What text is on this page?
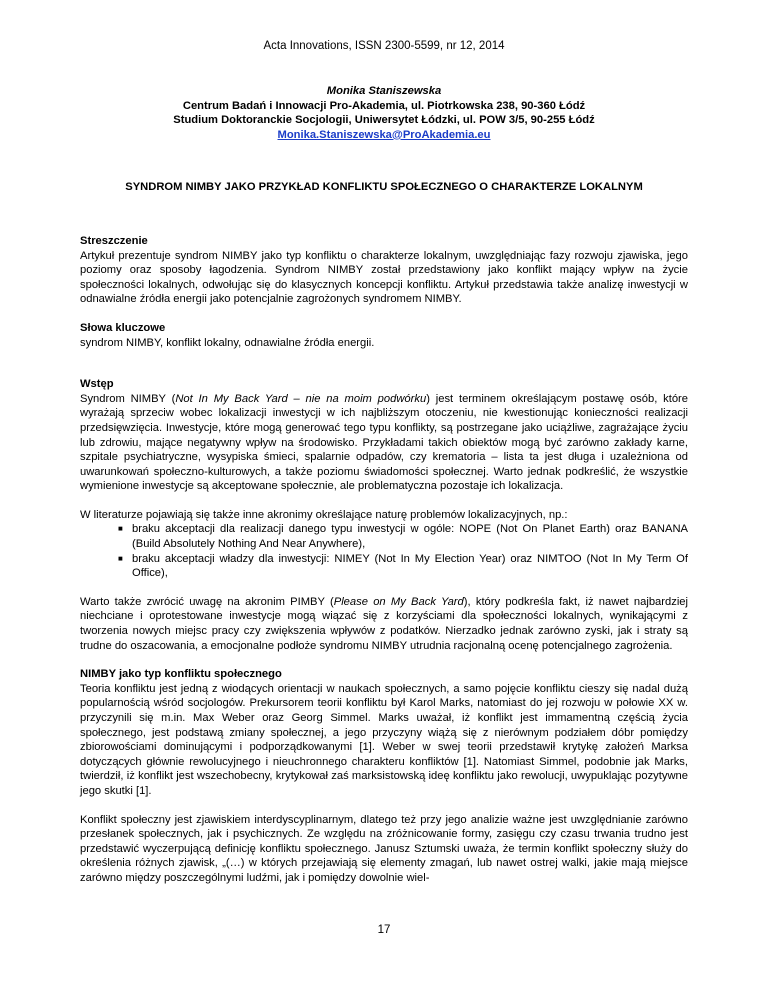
Acta Innovations, ISSN 2300-5599, nr 12, 2014
Monika Staniszewska
Centrum Badań i Innowacji Pro-Akademia, ul. Piotrkowska 238, 90-360 Łódź
Studium Doktoranckie Socjologii, Uniwersytet Łódzki, ul. POW 3/5, 90-255 Łódź
Monika.Staniszewska@ProAkademia.eu
SYNDROM NIMBY JAKO PRZYKŁAD KONFLIKTU SPOŁECZNEGO O CHARAKTERZE LOKALNYM
Streszczenie

Artykuł prezentuje syndrom NIMBY jako typ konfliktu o charakterze lokalnym, uwzględniając fazy rozwoju zjawiska, jego poziomy oraz sposoby łagodzenia. Syndrom NIMBY został przedstawiony jako konflikt mający wpływ na życie społeczności lokalnych, odwołując się do klasycznych koncepcji konfliktu. Artykuł przedstawia także analizę inwestycji w odnawialne źródła energii jako potencjalnie zagrożonych syndromem NIMBY.

Słowa kluczowe

syndrom NIMBY, konflikt lokalny, odnawialne źródła energii.

Wstęp

Syndrom NIMBY (Not In My Back Yard – nie na moim podwórku) jest terminem określającym postawę osób, które wyrażają sprzeciw wobec lokalizacji inwestycji w ich najbliższym otoczeniu, nie kwestionując konieczności realizacji przedsięwzięcia. Inwestycje, które mogą generować tego typu konflikty, są postrzegane jako uciążliwe, zagrażające życiu lub zdrowiu, mające negatywny wpływ na środowisko. Przykładami takich obiektów mogą być zarówno zakłady karne, szpitale psychiatryczne, wysypiska śmieci, spalarnie odpadów, czy krematoria – lista ta jest długa i uzależniona od uwarunkowań społeczno-kulturowych, a także poziomu świadomości społecznej. Warto jednak podkreślić, że wszystkie wymienione inwestycje są akceptowane społecznie, ale problematyczna pozostaje ich lokalizacja.

W literaturze pojawiają się także inne akronimy określające naturę problemów lokalizacyjnych, np.:

■ braku akceptacji dla realizacji danego typu inwestycji w ogóle: NOPE (Not On Planet Earth) oraz BANANA (Build Absolutely Nothing And Near Anywhere),
■ braku akceptacji władzy dla inwestycji: NIMEY (Not In My Election Year) oraz NIMTOO (Not In My Term Of Office),

Warto także zwrócić uwagę na akronim PIMBY (Please on My Back Yard), który podkreśla fakt, iż nawet najbardziej niechciane i oprotestowane inwestycje mogą wiązać się z korzyściami dla społeczności lokalnych, wynikającymi z tworzenia nowych miejsc pracy czy zwiększenia wpływów z podatków. Nierzadko jednak zarówno zyski, jak i straty są trudne do oszacowania, a emocjonalne podłoże syndromu NIMBY utrudnia racjonalną ocenę potencjalnego zagrożenia.

NIMBY jako typ konfliktu społecznego

Teoria konfliktu jest jedną z wiodących orientacji w naukach społecznych, a samo pojęcie konfliktu cieszy się nadal dużą popularnością wśród socjologów. Prekursorem teorii konfliktu był Karol Marks, natomiast do jej rozwoju w połowie XX w. przyczynili się m.in. Max Weber oraz Georg Simmel. Marks uważał, iż konflikt jest immamentną częścią życia społecznego, jest podstawą zmiany społecznej, a jego przyczyny wiążą się z nierównym podziałem dóbr pomiędzy zbiorowościami dominującymi i podporządkowanymi [1]. Weber w swej teorii przedstawił krytykę założeń Marksa dotyczących głównie rewolucyjnego i nieuchronnego charakteru konfliktów [1]. Natomiast Simmel, podobnie jak Marks, twierdził, iż konflikt jest wszechobecny, krytykował zaś marksistowską ideę konfliktu jako rewolucji, uwypuklając pozytywne jego skutki [1].

Konflikt społeczny jest zjawiskiem interdyscyplinarnym, dlatego też przy jego analizie ważne jest uwzględnianie zarówno przesłanek społecznych, jak i psychicznych. Ze względu na zróżnicowanie formy, zasięgu czy czasu trwania trudno jest przedstawić wyczerpującą definicję konfliktu społecznego. Janusz Sztumski uważa, że termin konflikt społeczny służy do określenia różnych zjawisk, „(…) w których przejawiają się elementy zmagań, lub nawet ostrej walki, jakie mają miejsce zarówno między poszczególnymi ludźmi, jak i pomiędzy dowolnie wiel-

17
